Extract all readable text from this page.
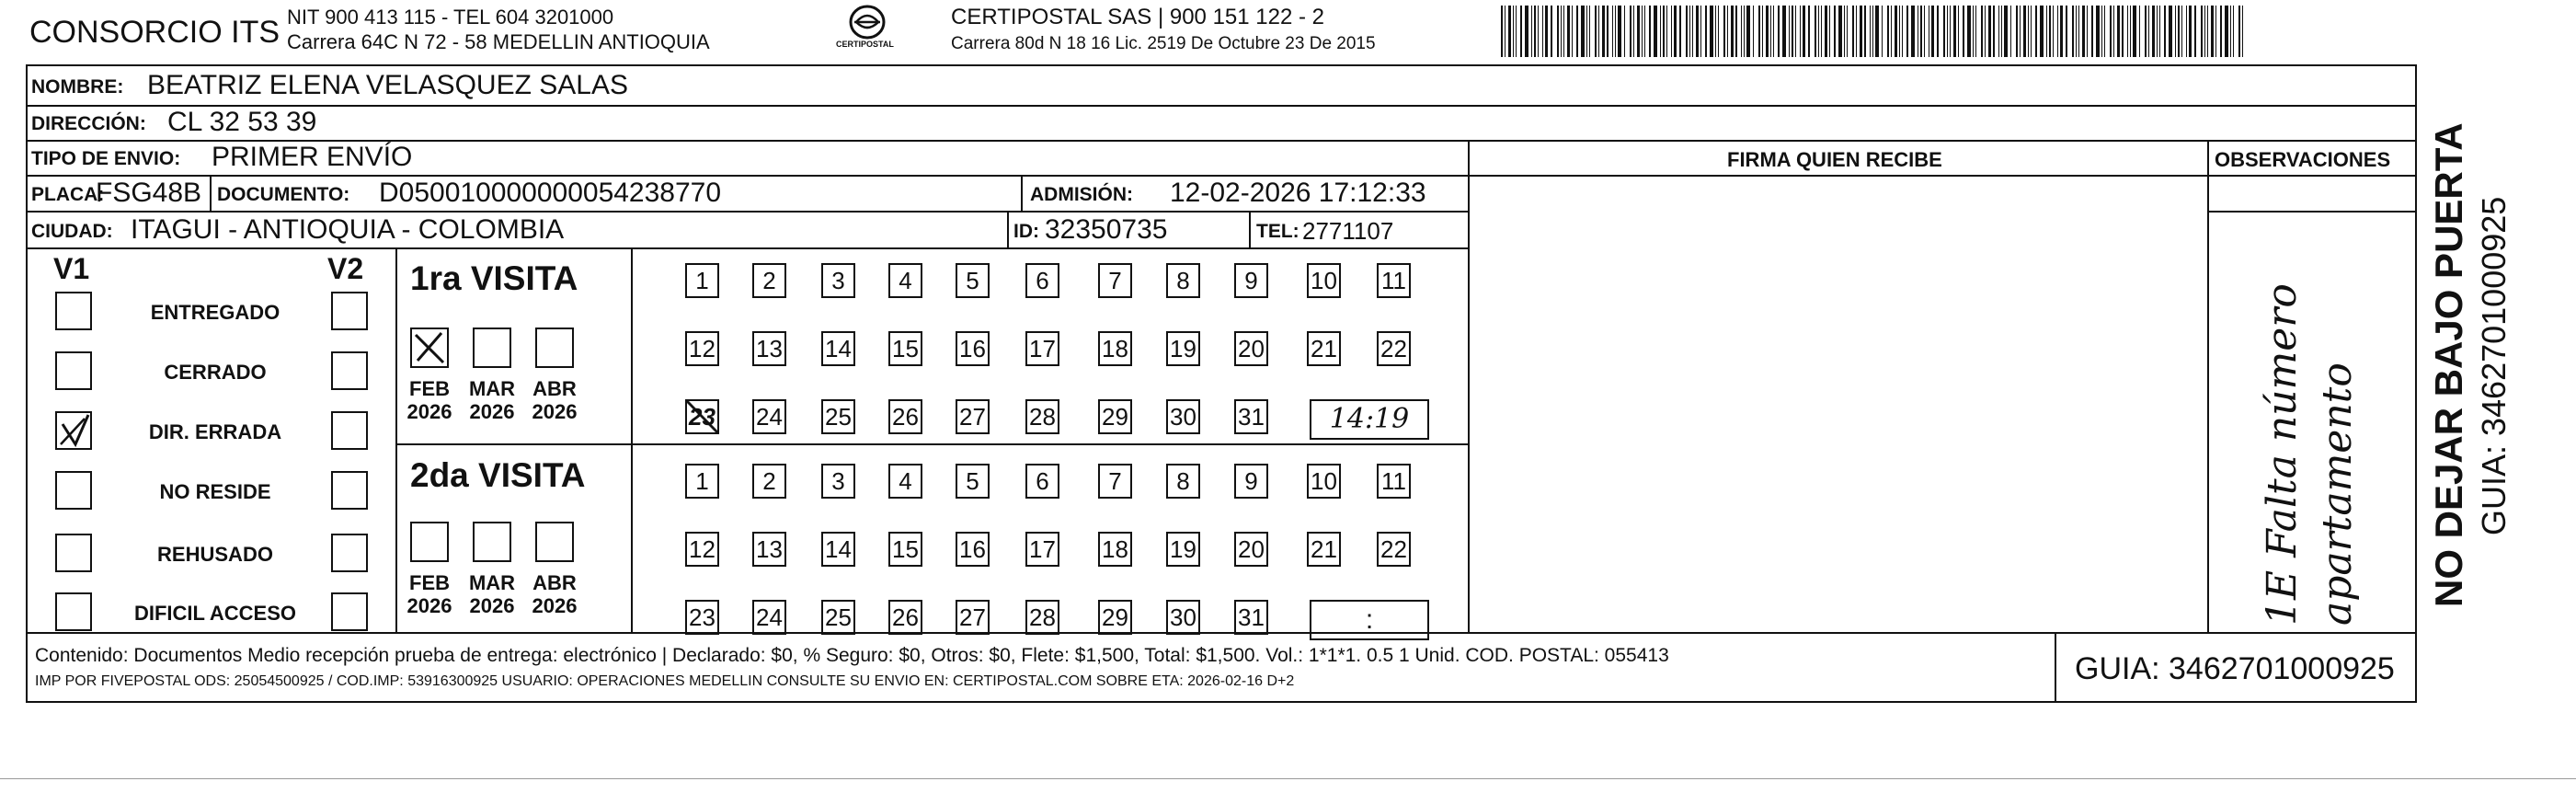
CONSORCIO ITS NIT 900 413 115 - TEL 604 3201000
Carrera 64C N 72 - 58 MEDELLIN ANTIOQUIA	CERTIPOSTAL
CERTIPOSTAL SAS | 900 151 122 - 2
Carrera 80d N 18 16 Lic. 2519 De Octubre 23 De 2015
NOMBRE: BEATRIZ ELENA VELASQUEZ SALAS
DIRECCIÓN: CL 32 53 39
TIPO DE ENVIO: PRIMER ENVÍO	FIRMA QUIEN RECIBE	OBSERVACIONES
PLACA:
FSG48B DOCUMENTO: D050010000000054238770	ADMISIÓN: 12-02-2026 17:12:33
CIUDAD: ITAGUI - ANTIOQUIA - COLOMBIA	ID: 32350735	TEL: 2771107
V1	V2
ENTREGADO
CERRADO
DIR. ERRADA
NO RESIDE
REHUSADO
DIFICIL ACCESO
1ra VISITA
2da VISITA
FEB
2026
MAR
2026
ABR
2026
1	2	3	4	5	6	7	8	9	10 11
12 13 14 15 16 17 18 19 20 21 22
23 24 25 26 27 28 29 30 31	14:19
FEB
2026
MAR
2026
ABR
2026
1	2	3	4	5	6	7	8	9	10 11
12 13 14 15 16 17 18 19 20 21 22
23 24 25 26 27 28 29 30 31	:	1E Falta número apartamento
Contenido: Documentos Medio recepción prueba de entrega: electrónico | Declarado: $0, % Seguro: $0, Otros: $0, Flete: $1,500, Total: $1,500. Vol.: 1*1*1. 0.5 1 Unid. COD. POSTAL: 055413
IMP POR FIVEPOSTAL ODS: 25054500925 / COD.IMP: 53916300925 USUARIO: OPERACIONES MEDELLIN CONSULTE SU ENVIO EN: CERTIPOSTAL.COM SOBRE ETA: 2026-02-16 D+2	GUIA: 3462701000925
NO DEJAR BAJO PUERTA GUIA: 3462701000925
